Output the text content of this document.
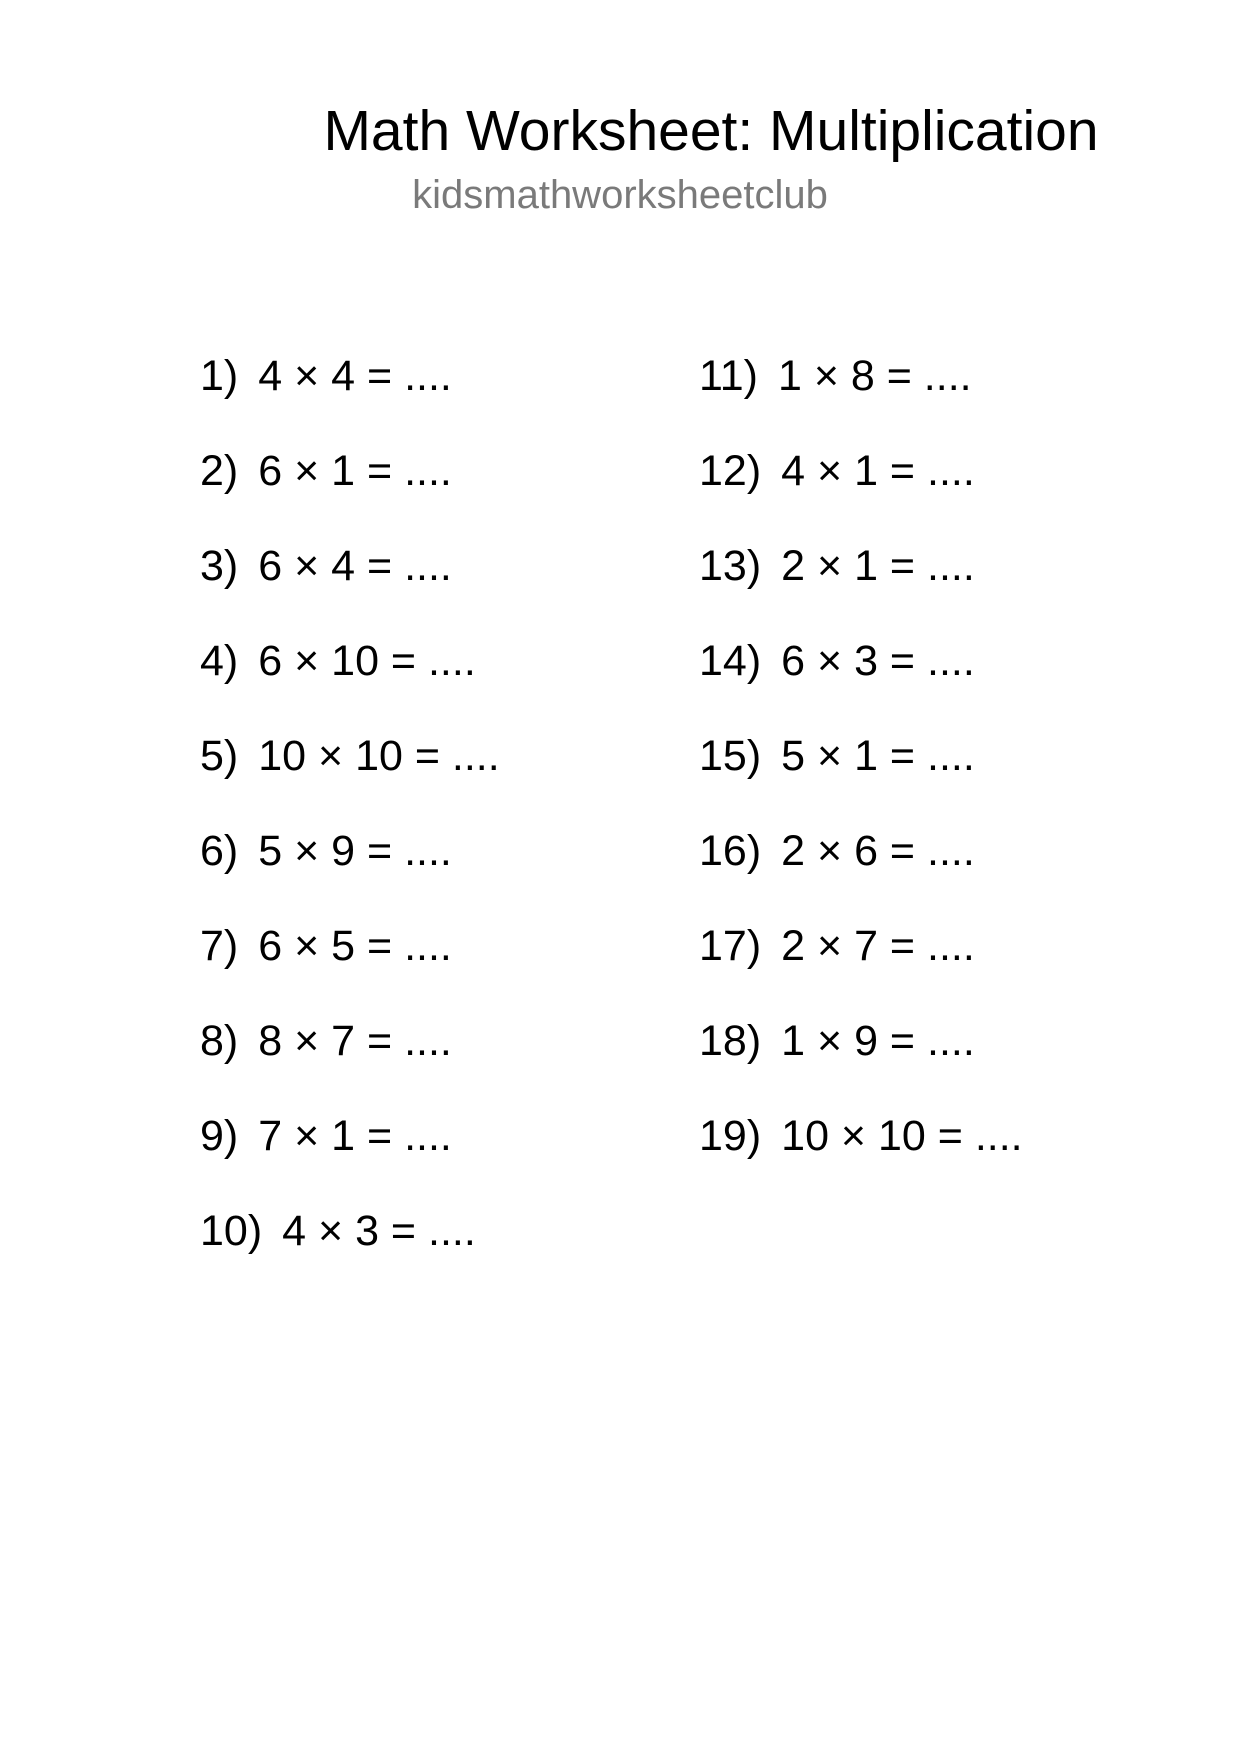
Math Worksheet: Multiplication
kidsmathworksheetclub
1) 4 × 4 = ....
2) 6 × 1 = ....
3) 6 × 4 = ....
4) 6 × 10 = ....
5) 10 × 10 = ....
6) 5 × 9 = ....
7) 6 × 5 = ....
8) 8 × 7 = ....
9) 7 × 1 = ....
10) 4 × 3 = ....
11) 1 × 8 = ....
12) 4 × 1 = ....
13) 2 × 1 = ....
14) 6 × 3 = ....
15) 5 × 1 = ....
16) 2 × 6 = ....
17) 2 × 7 = ....
18) 1 × 9 = ....
19) 10 × 10 = ....
